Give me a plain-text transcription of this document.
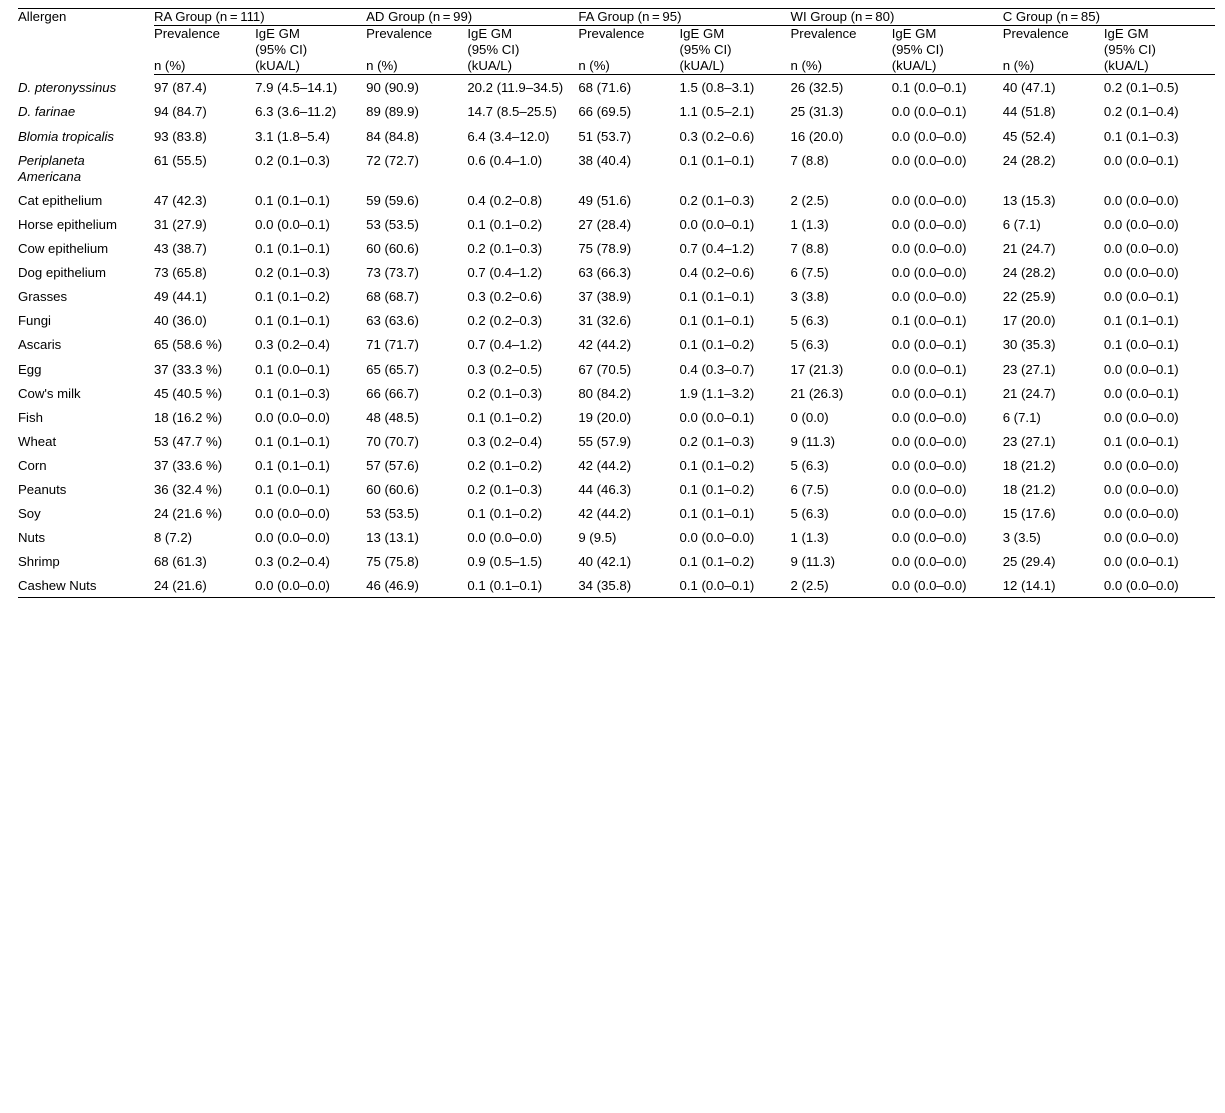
Allergen	RA Group (n = 111)		AD Group (n = 99)		FA Group (n = 95)		WI Group (n = 80)		C Group (n = 85)	
	Prevalence	IgE GM
(95% CI)	Prevalence	IgE GM
(95% CI)	Prevalence	IgE GM
(95% CI)	Prevalence	IgE GM
(95% CI)	Prevalence	IgE GM
(95% CI)
	n (%)	(kUA/L)	n (%)	(kUA/L)	n (%)	(kUA/L)	n (%)	(kUA/L)	n (%)	(kUA/L)
D. pteronyssinus	97 (87.4)	7.9 (4.5–14.1)	90 (90.9)	20.2 (11.9–34.5)	68 (71.6)	1.5 (0.8–3.1)	26 (32.5)	0.1 (0.0–0.1)	40 (47.1)	0.2 (0.1–0.5)
D. farinae	94 (84.7)	6.3 (3.6–11.2)	89 (89.9)	14.7 (8.5–25.5)	66 (69.5)	1.1 (0.5–2.1)	25 (31.3)	0.0 (0.0–0.1)	44 (51.8)	0.2 (0.1–0.4)
Blomia tropicalis	93 (83.8)	3.1 (1.8–5.4)	84 (84.8)	6.4 (3.4–12.0)	51 (53.7)	0.3 (0.2–0.6)	16 (20.0)	0.0 (0.0–0.0)	45 (52.4)	0.1 (0.1–0.3)
Periplaneta Americana	61 (55.5)	0.2 (0.1–0.3)	72 (72.7)	0.6 (0.4–1.0)	38 (40.4)	0.1 (0.1–0.1)	7 (8.8)	0.0 (0.0–0.0)	24 (28.2)	0.0 (0.0–0.1)
Cat epithelium	47 (42.3)	0.1 (0.1–0.1)	59 (59.6)	0.4 (0.2–0.8)	49 (51.6)	0.2 (0.1–0.3)	2 (2.5)	0.0 (0.0–0.0)	13 (15.3)	0.0 (0.0–0.0)
Horse epithelium	31 (27.9)	0.0 (0.0–0.1)	53 (53.5)	0.1 (0.1–0.2)	27 (28.4)	0.0 (0.0–0.1)	1 (1.3)	0.0 (0.0–0.0)	6 (7.1)	0.0 (0.0–0.0)
Cow epithelium	43 (38.7)	0.1 (0.1–0.1)	60 (60.6)	0.2 (0.1–0.3)	75 (78.9)	0.7 (0.4–1.2)	7 (8.8)	0.0 (0.0–0.0)	21 (24.7)	0.0 (0.0–0.0)
Dog epithelium	73 (65.8)	0.2 (0.1–0.3)	73 (73.7)	0.7 (0.4–1.2)	63 (66.3)	0.4 (0.2–0.6)	6 (7.5)	0.0 (0.0–0.0)	24 (28.2)	0.0 (0.0–0.0)
Grasses	49 (44.1)	0.1 (0.1–0.2)	68 (68.7)	0.3 (0.2–0.6)	37 (38.9)	0.1 (0.1–0.1)	3 (3.8)	0.0 (0.0–0.0)	22 (25.9)	0.0 (0.0–0.1)
Fungi	40 (36.0)	0.1 (0.1–0.1)	63 (63.6)	0.2 (0.2–0.3)	31 (32.6)	0.1 (0.1–0.1)	5 (6.3)	0.1 (0.0–0.1)	17 (20.0)	0.1 (0.1–0.1)
Ascaris	65 (58.6 %)	0.3 (0.2–0.4)	71 (71.7)	0.7 (0.4–1.2)	42 (44.2)	0.1 (0.1–0.2)	5 (6.3)	0.0 (0.0–0.1)	30 (35.3)	0.1 (0.0–0.1)
Egg	37 (33.3 %)	0.1 (0.0–0.1)	65 (65.7)	0.3 (0.2–0.5)	67 (70.5)	0.4 (0.3–0.7)	17 (21.3)	0.0 (0.0–0.1)	23 (27.1)	0.0 (0.0–0.1)
Cow's milk	45 (40.5 %)	0.1 (0.1–0.3)	66 (66.7)	0.2 (0.1–0.3)	80 (84.2)	1.9 (1.1–3.2)	21 (26.3)	0.0 (0.0–0.1)	21 (24.7)	0.0 (0.0–0.1)
Fish	18 (16.2 %)	0.0 (0.0–0.0)	48 (48.5)	0.1 (0.1–0.2)	19 (20.0)	0.0 (0.0–0.1)	0 (0.0)	0.0 (0.0–0.0)	6 (7.1)	0.0 (0.0–0.0)
Wheat	53 (47.7 %)	0.1 (0.1–0.1)	70 (70.7)	0.3 (0.2–0.4)	55 (57.9)	0.2 (0.1–0.3)	9 (11.3)	0.0 (0.0–0.0)	23 (27.1)	0.1 (0.0–0.1)
Corn	37 (33.6 %)	0.1 (0.1–0.1)	57 (57.6)	0.2 (0.1–0.2)	42 (44.2)	0.1 (0.1–0.2)	5 (6.3)	0.0 (0.0–0.0)	18 (21.2)	0.0 (0.0–0.0)
Peanuts	36 (32.4 %)	0.1 (0.0–0.1)	60 (60.6)	0.2 (0.1–0.3)	44 (46.3)	0.1 (0.1–0.2)	6 (7.5)	0.0 (0.0–0.0)	18 (21.2)	0.0 (0.0–0.0)
Soy	24 (21.6 %)	0.0 (0.0–0.0)	53 (53.5)	0.1 (0.1–0.2)	42 (44.2)	0.1 (0.1–0.1)	5 (6.3)	0.0 (0.0–0.0)	15 (17.6)	0.0 (0.0–0.0)
Nuts	8 (7.2)	0.0 (0.0–0.0)	13 (13.1)	0.0 (0.0–0.0)	9 (9.5)	0.0 (0.0–0.0)	1 (1.3)	0.0 (0.0–0.0)	3 (3.5)	0.0 (0.0–0.0)
Shrimp	68 (61.3)	0.3 (0.2–0.4)	75 (75.8)	0.9 (0.5–1.5)	40 (42.1)	0.1 (0.1–0.2)	9 (11.3)	0.0 (0.0–0.0)	25 (29.4)	0.0 (0.0–0.1)
Cashew Nuts	24 (21.6)	0.0 (0.0–0.0)	46 (46.9)	0.1 (0.1–0.1)	34 (35.8)	0.1 (0.0–0.1)	2 (2.5)	0.0 (0.0–0.0)	12 (14.1)	0.0 (0.0–0.0)
